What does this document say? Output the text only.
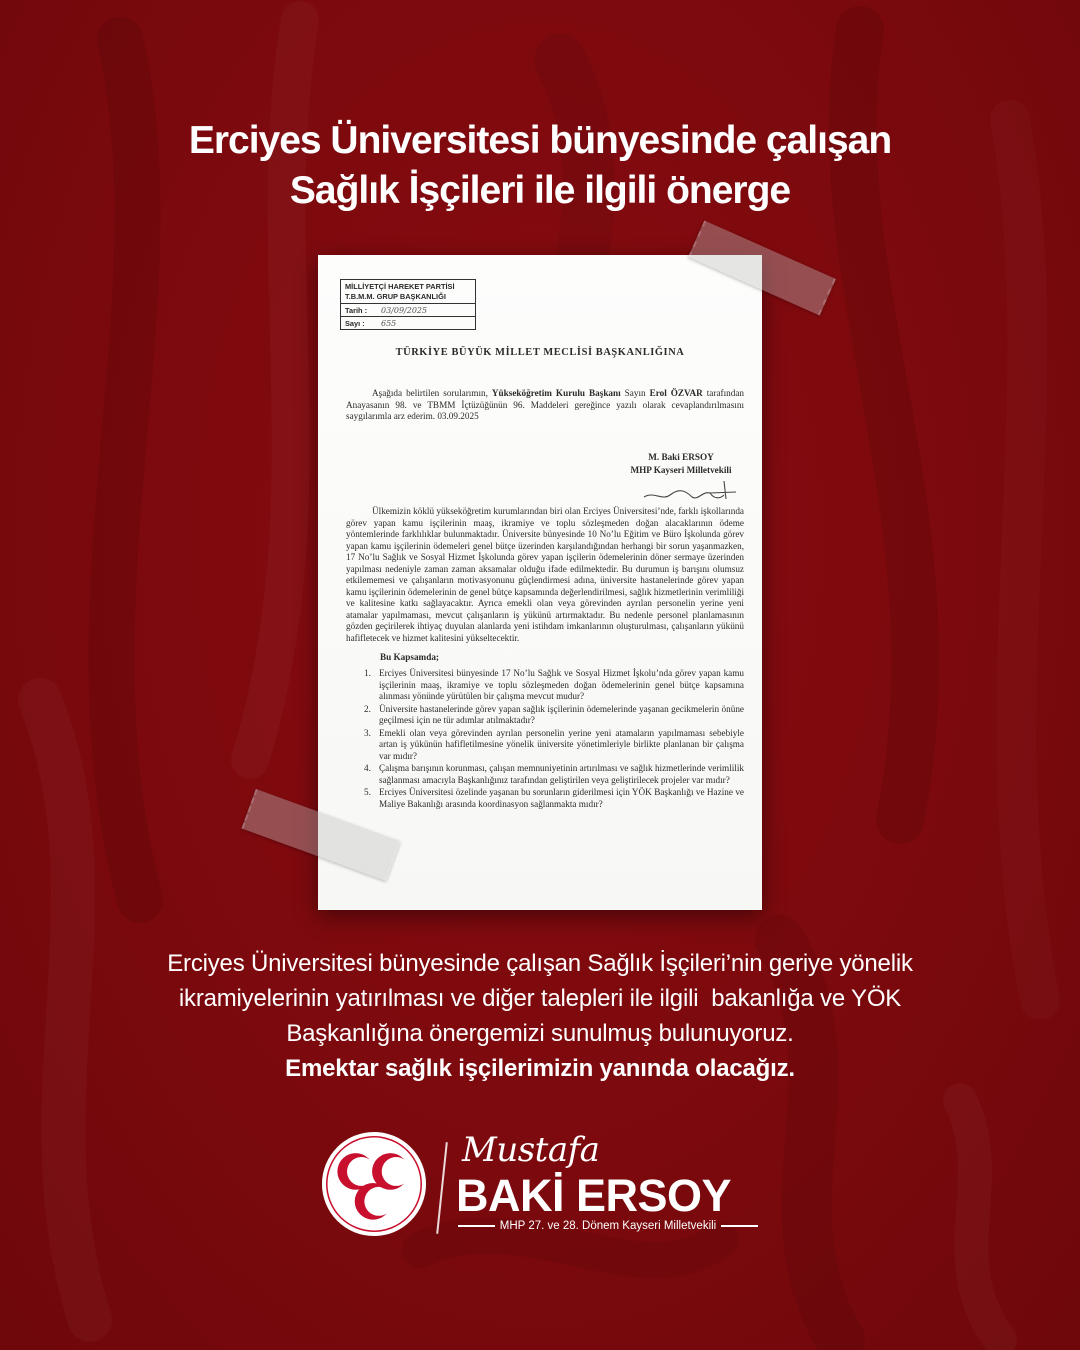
Erciyes Üniversitesi bünyesinde çalışan
Sağlık İşçileri ile ilgili önerge
MİLLİYETÇİ HAREKET PARTİSİ
T.B.M.M. GRUP BAŞKANLIĞI
Tarih :	03/09/2025
Sayı :	655
TÜRKİYE BÜYÜK MİLLET MECLİSİ BAŞKANLIĞINA

Aşağıda belirtilen sorularımın, Yükseköğretim Kurulu Başkanı Sayın Erol ÖZVAR tarafından Anayasanın 98. ve TBMM İçtüzüğünün 96. Maddeleri gereğince yazılı olarak cevaplandırılmasını saygılarımla arz ederim. 03.09.2025

M. Baki ERSOY
MHP Kayseri Milletvekili

Ülkemizin köklü yükseköğretim kurumlarından biri olan Erciyes Üniversitesi’nde, farklı işkollarında görev yapan kamu işçilerinin maaş, ikramiye ve toplu sözleşmeden doğan alacaklarının ödeme yöntemlerinde farklılıklar bulunmaktadır. Üniversite bünyesinde 10 No’lu Eğitim ve Büro İşkolunda görev yapan kamu işçilerinin ödemeleri genel bütçe üzerinden karşılandığından herhangi bir sorun yaşanmazken, 17 No’lu Sağlık ve Sosyal Hizmet İşkolunda görev yapan işçilerin ödemelerinin döner sermaye üzerinden yapılması nedeniyle zaman zaman aksamalar olduğu ifade edilmektedir. Bu durumun iş barışını olumsuz etkilememesi ve çalışanların motivasyonunu güçlendirmesi adına, üniversite hastanelerinde görev yapan kamu işçilerinin ödemelerinin de genel bütçe kapsamında değerlendirilmesi, sağlık hizmetlerinin verimliliği ve kalitesine katkı sağlayacaktır. Ayrıca emekli olan veya görevinden ayrılan personelin yerine yeni atamalar yapılmaması, mevcut çalışanların iş yükünü artırmaktadır. Bu nedenle personel planlamasının gözden geçirilerek ihtiyaç duyulan alanlarda yeni istihdam imkanlarının oluşturulması, çalışanların yükünü hafifletecek ve hizmet kalitesini yükseltecektir.

Bu Kapsamda;
1. Erciyes Üniversitesi bünyesinde 17 No’lu Sağlık ve Sosyal Hizmet İşkolu’nda görev yapan kamu işçilerinin maaş, ikramiye ve toplu sözleşmeden doğan ödemelerinin genel bütçe kapsamına alınması yönünde yürütülen bir çalışma mevcut mudur?
2. Üniversite hastanelerinde görev yapan sağlık işçilerinin ödemelerinde yaşanan gecikmelerin önüne geçilmesi için ne tür adımlar atılmaktadır?
3. Emekli olan veya görevinden ayrılan personelin yerine yeni atamaların yapılmaması sebebiyle artan iş yükünün hafifletilmesine yönelik üniversite yönetimleriyle birlikte planlanan bir çalışma var mıdır?
4. Çalışma barışının korunması, çalışan memnuniyetinin artırılması ve sağlık hizmetlerinde verimlilik sağlanması amacıyla Başkanlığınız tarafından geliştirilen veya geliştirilecek projeler var mıdır?
5. Erciyes Üniversitesi özelinde yaşanan bu sorunların giderilmesi için YÖK Başkanlığı ve Hazine ve Maliye Bakanlığı arasında koordinasyon sağlanmakta mıdır?
Erciyes Üniversitesi bünyesinde çalışan Sağlık İşçileri’nin geriye yönelik
ikramiyelerinin yatırılması ve diğer talepleri ile ilgili  bakanlığa ve YÖK
Başkanlığına önergemizi sunulmuş bulunuyoruz.
Emektar sağlık işçilerimizin yanında olacağız.
Mustafa
BAKİ ERSOY
MHP 27. ve 28. Dönem Kayseri Milletvekili
